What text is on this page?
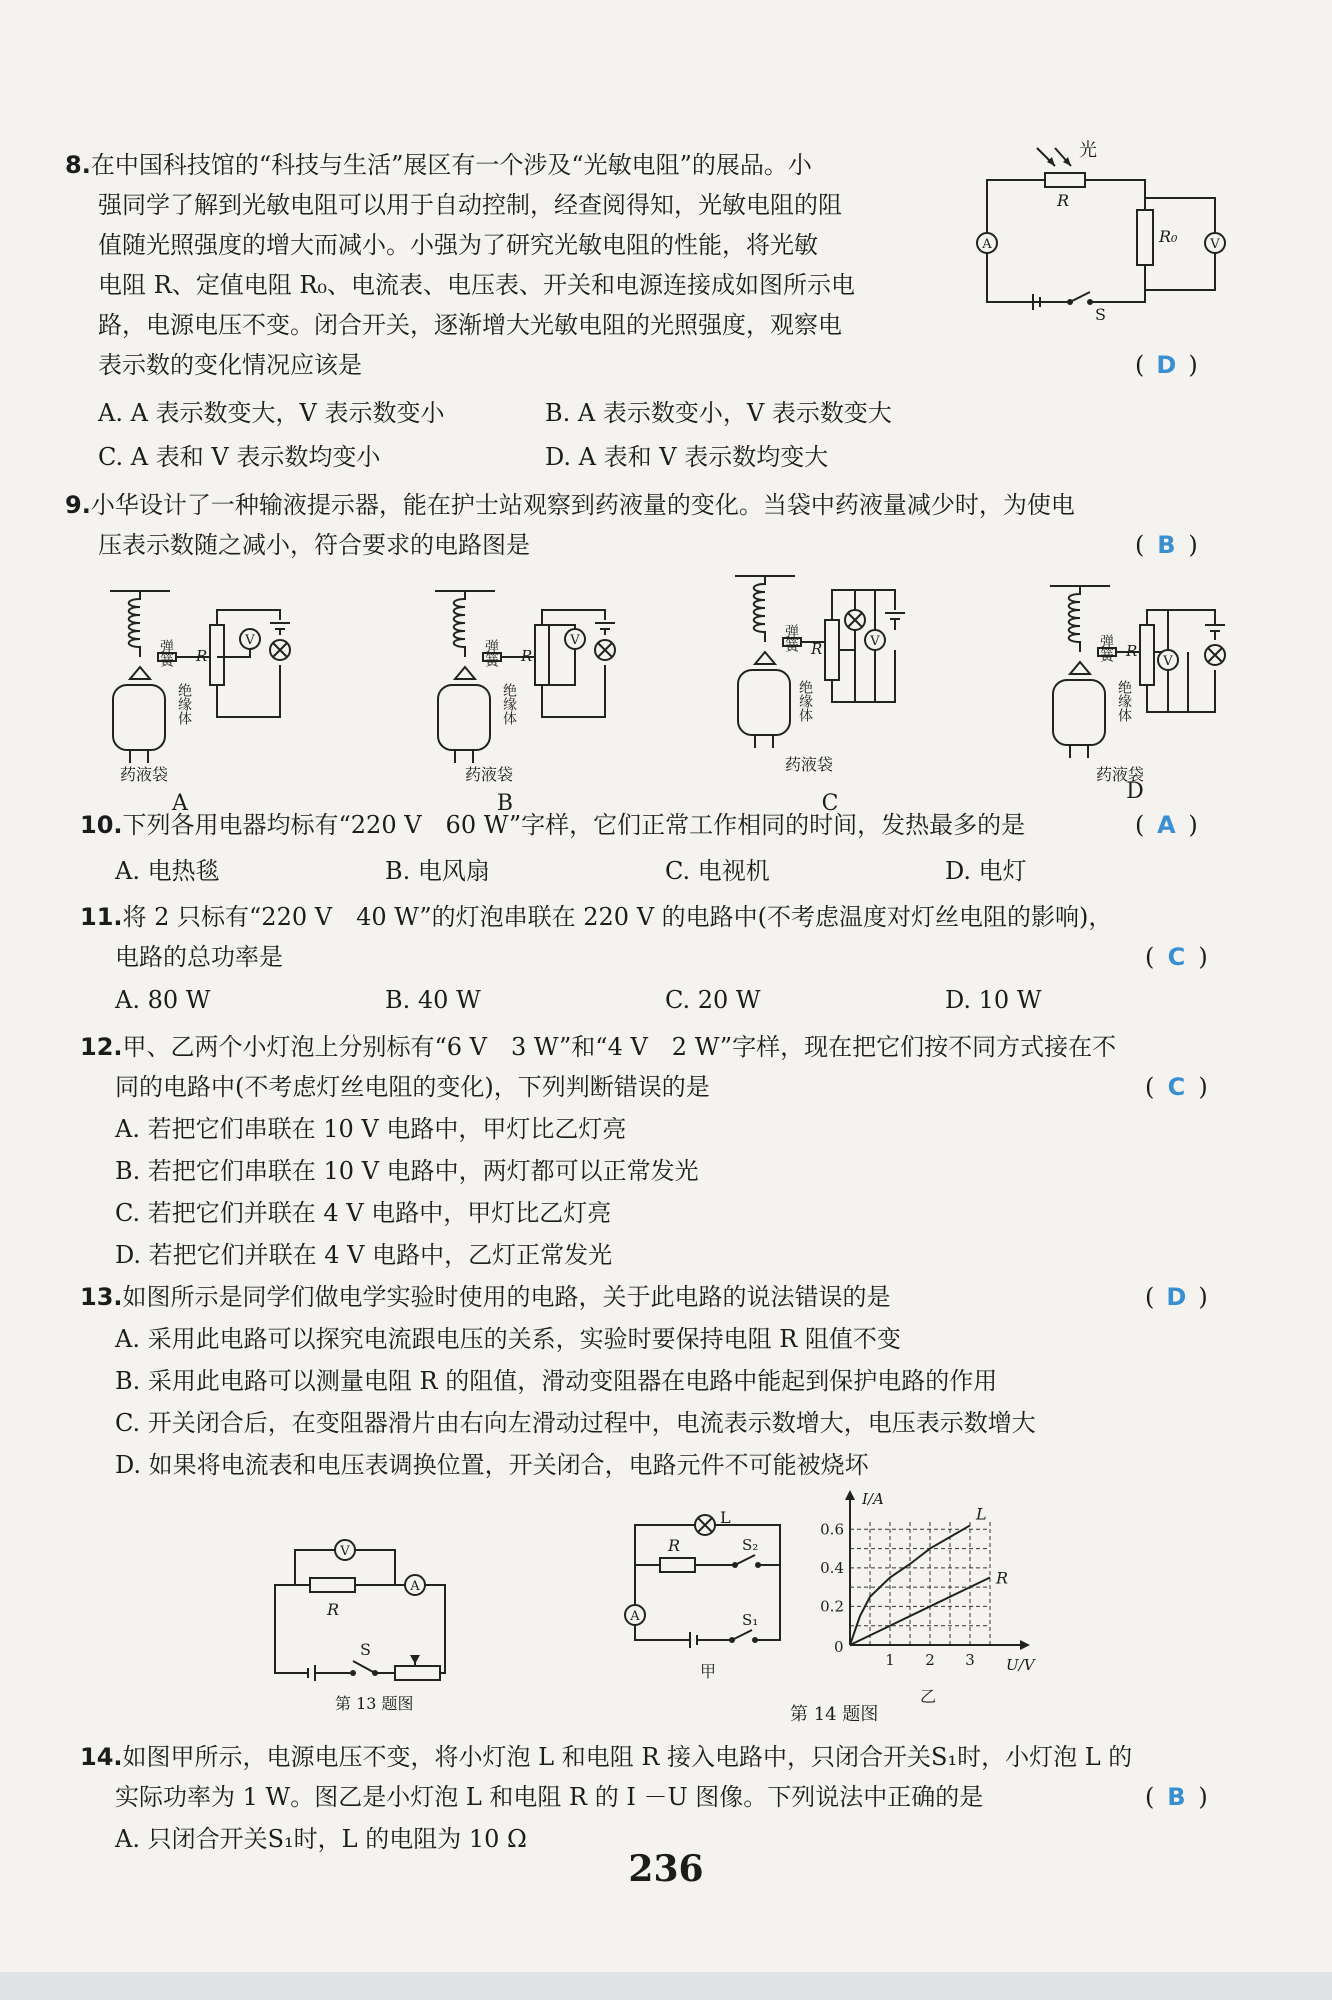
8.在中国科技馆的“科技与生活”展区有一个涉及“光敏电阻”的展品。小
强同学了解到光敏电阻可以用于自动控制，经查阅得知，光敏电阻的阻
值随光照强度的增大而减小。小强为了研究光敏电阻的性能，将光敏
电阻 R、定值电阻 R₀、电流表、电压表、开关和电源连接成如图所示电
路，电源电压不变。闭合开关，逐渐增大光敏电阻的光照强度，观察电
表示数的变化情况应该是	( D )
A. A 表示数变大，V 表示数变小	B. A 表示数变小，V 表示数变大
C. A 表和 V 表示数均变小	D. A 表和 V 表示数均变大
光
R
R₀
A	V
S
9.小华设计了一种输液提示器，能在护士站观察到药液量的变化。当袋中药液量减少时，为使电
压表示数随之减小，符合要求的电路图是	( B )
V
R
弹簧
绝缘体
药液袋
A
V
R
弹簧
绝缘体
药液袋
B
V
R
弹簧
绝缘体
药液袋
C
V
R
弹簧
绝缘体
药液袋
D
10.下列各用电器均标有“220 V　60 W”字样，它们正常工作相同的时间，发热最多的是	( A )
A. 电热毯	B. 电风扇	C. 电视机	D. 电灯
11.将 2 只标有“220 V　40 W”的灯泡串联在 220 V 的电路中(不考虑温度对灯丝电阻的影响)，
电路的总功率是	( C )
A. 80 W	B. 40 W	C. 20 W	D. 10 W
12.甲、乙两个小灯泡上分别标有“6 V　3 W”和“4 V　2 W”字样，现在把它们按不同方式接在不
同的电路中(不考虑灯丝电阻的变化)，下列判断错误的是	( C )
A. 若把它们串联在 10 V 电路中，甲灯比乙灯亮
B. 若把它们串联在 10 V 电路中，两灯都可以正常发光
C. 若把它们并联在 4 V 电路中，甲灯比乙灯亮
D. 若把它们并联在 4 V 电路中，乙灯正常发光
13.如图所示是同学们做电学实验时使用的电路，关于此电路的说法错误的是	( D )
A. 采用此电路可以探究电流跟电压的关系，实验时要保持电阻 R 阻值不变
B. 采用此电路可以测量电阻 R 的阻值，滑动变阻器在电路中能起到保护电路的作用
C. 开关闭合后，在变阻器滑片由右向左滑动过程中，电流表示数增大，电压表示数增大
D. 如果将电流表和电压表调换位置，开关闭合，电路元件不可能被烧坏
V
A
R
S
第 13 题图
L
A
R	S₂
S₁
甲
L
R
1 2 3
0.2
0.4
0.6
I/A
U/V
0
乙
第 14 题图
14.如图甲所示，电源电压不变，将小灯泡 L 和电阻 R 接入电路中，只闭合开关S₁时，小灯泡 L 的
实际功率为 1 W。图乙是小灯泡 L 和电阻 R 的 I －U 图像。下列说法中正确的是	( B )
A. 只闭合开关S₁时，L 的电阻为 10 Ω
236
